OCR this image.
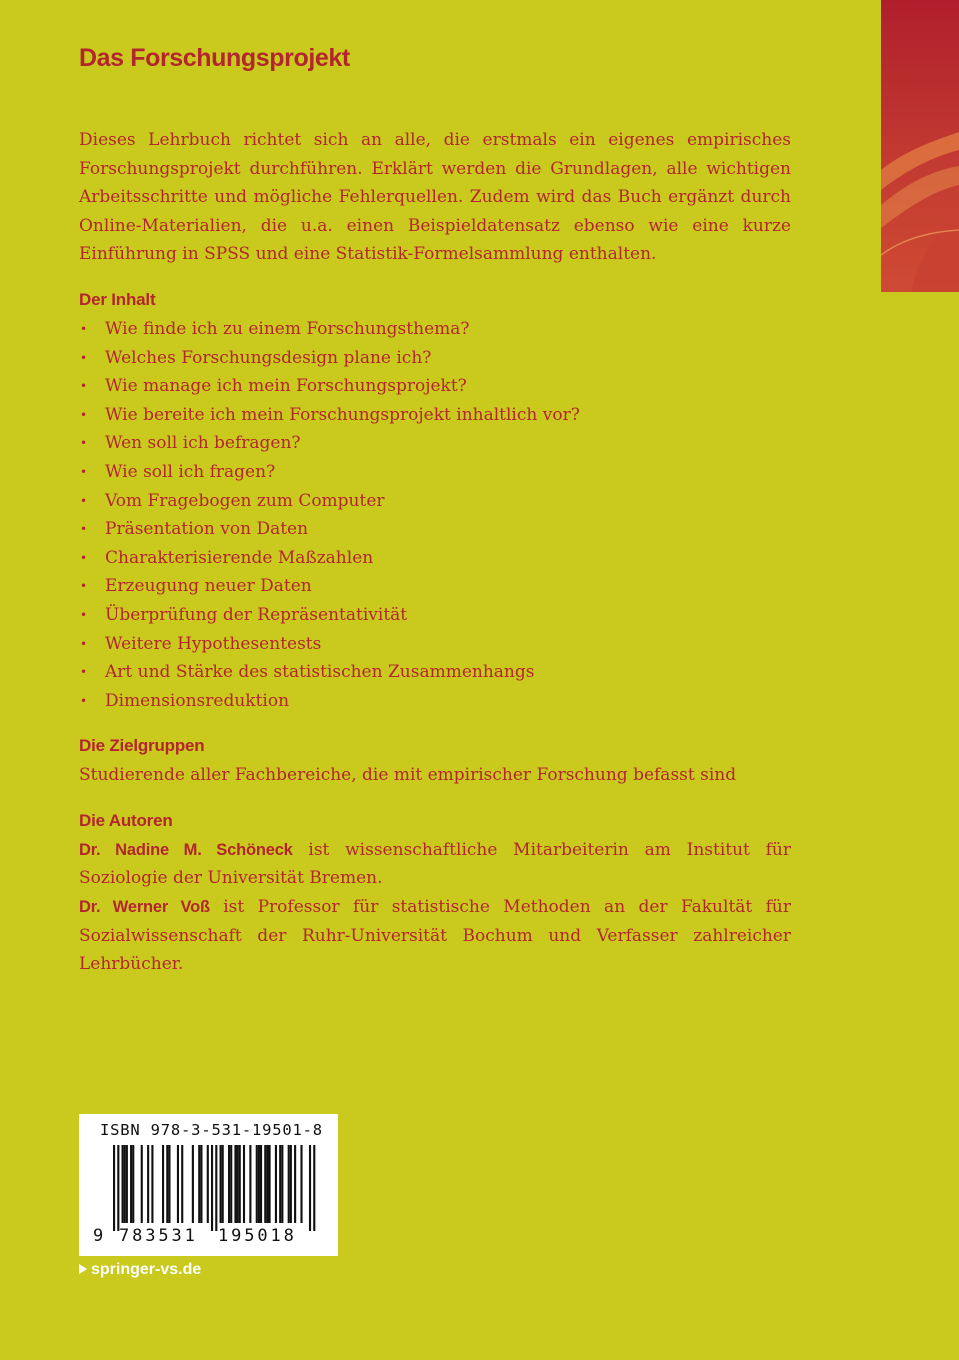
Das Forschungsprojekt

Dieses Lehrbuch richtet sich an alle, die erstmals ein eigenes empirisches Forschungsprojekt durchführen. Erklärt werden die Grundlagen, alle wichtigen Arbeitsschritte und mögliche Fehlerquellen. Zudem wird das Buch ergänzt durch Online-Materialien, die u.a. einen Beispieldatensatz ebenso wie eine kurze Einführung in SPSS und eine Statistik-Formelsammlung enthalten.

Der Inhalt
• Wie finde ich zu einem Forschungsthema?
• Welches Forschungsdesign plane ich?
• Wie manage ich mein Forschungsprojekt?
• Wie bereite ich mein Forschungsprojekt inhaltlich vor?
• Wen soll ich befragen?
• Wie soll ich fragen?
• Vom Fragebogen zum Computer
• Präsentation von Daten
• Charakterisierende Maßzahlen
• Erzeugung neuer Daten
• Überprüfung der Repräsentativität
• Weitere Hypothesentests
• Art und Stärke des statistischen Zusammenhangs
• Dimensionsreduktion
Die Zielgruppen

Studierende aller Fachbereiche, die mit empirischer Forschung befasst sind

Die Autoren

Dr. Nadine M. Schöneck ist wissenschaftliche Mitarbeiterin am Institut für Soziologie der Universität Bremen.

Dr. Werner Voß ist Professor für statistische Methoden an der Fakultät für Sozialwissenschaft der Ruhr-Universität Bochum und Verfasser zahlreicher Lehrbücher.

ISBN 978-3-531-19501-8
9 783531 195018
springer-vs.de
